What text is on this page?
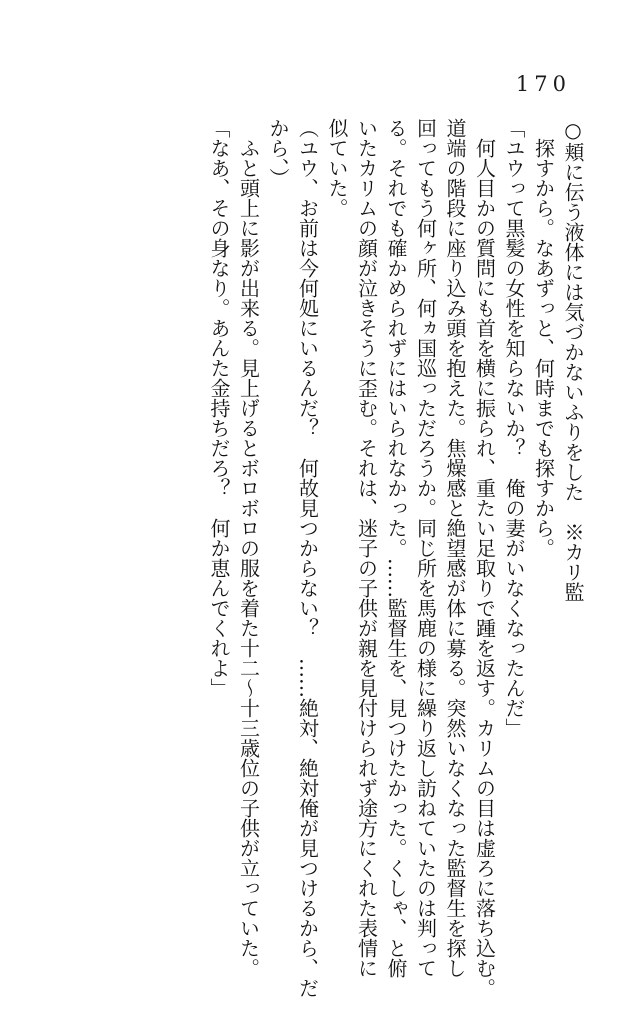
170

○頬に伝う液体には気づかないふりをした　※カリ監

　探すから。なあずっと、何時までも探すから。

「ユウって黒髪の女性を知らないか？　俺の妻がいなくなったんだ」

　何人目かの質問にも首を横に振られ、重たい足取りで踵を返す。カリムの目は虚ろに落ち込む。

道端の階段に座り込み頭を抱えた。焦燥感と絶望感が体に募る。突然いなくなった監督生を探し

回ってもう何ヶ所、何ヵ国巡っただろうか。同じ所を馬鹿の様に繰り返し訪ねていたのは判って

る。それでも確かめられずにはいられなかった。……監督生を、見つけたかった。くしゃ、と俯

いたカリムの顔が泣きそうに歪む。それは、迷子の子供が親を見付けられず途方にくれた表情に

似ていた。

（ユウ、お前は今何処にいるんだ？　何故見つからない？　……絶対、絶対俺が見つけるから、だ

から、）

　ふと頭上に影が出来る。見上げるとボロボロの服を着た十二〜十三歳位の子供が立っていた。

「なあ、その身なり。あんた金持ちだろ？　何か恵んでくれよ」
